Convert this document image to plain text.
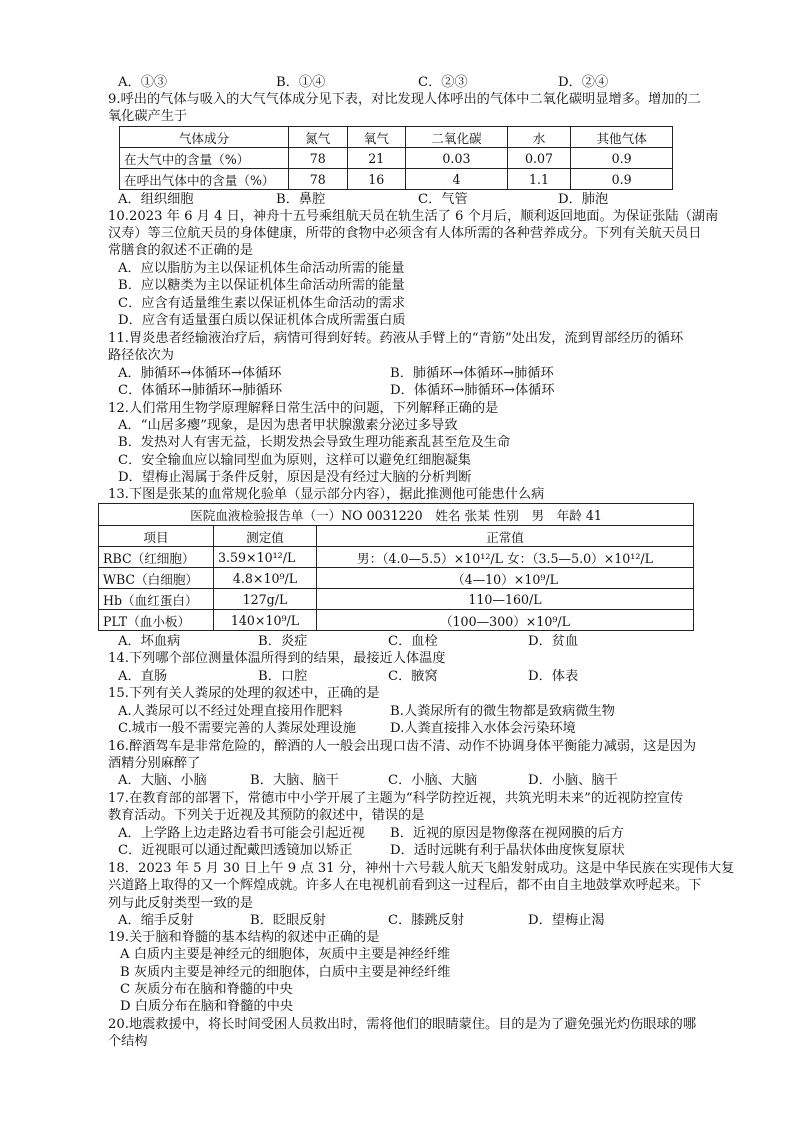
A．①③	B．①④	C．②③	D．②④
9.呼出的气体与吸入的大气气体成分见下表，对比发现人体呼出的气体中二氧化碳明显增多。增加的二
氧化碳产生于
气体成分	氮气	氧气	二氧化碳	水	其他气体
在大气中的含量（%）	78	21	0.03	0.07	0.9
在呼出气体中的含量（%）	78	16	4	1.1	0.9
A．组织细胞	B．鼻腔	C．气管	D．肺泡
10.2023 年 6 月 4 日，神舟十五号乘组航天员在轨生活了 6 个月后，顺利返回地面。为保证张陆（湖南
汉寿）等三位航天员的身体健康，所带的食物中必须含有人体所需的各种营养成分。下列有关航天员日
常膳食的叙述不正确的是
A．应以脂肪为主以保证机体生命活动所需的能量
B．应以糖类为主以保证机体生命活动所需的能量
C．应含有适量维生素以保证机体生命活动的需求
D．应含有适量蛋白质以保证机体合成所需蛋白质
11.胃炎患者经输液治疗后，病情可得到好转。药液从手臂上的“青筋”处出发，流到胃部经历的循环
路径依次为
A．肺循环→体循环→体循环	B．肺循环→体循环→肺循环
C．体循环→肺循环→肺循环	D．体循环→肺循环→体循环
12.人们常用生物学原理解释日常生活中的问题，下列解释正确的是
A．“山居多瘿”现象，是因为患者甲状腺激素分泌过多导致
B．发热对人有害无益，长期发热会导致生理功能紊乱甚至危及生命
C．安全输血应以输同型血为原则，这样可以避免红细胞凝集
D．望梅止渴属于条件反射，原因是没有经过大脑的分析判断
13.下图是张某的血常规化验单（显示部分内容），据此推测他可能患什么病
医院血液检验报告单（一）NO 0031220　姓名 张某 性别　男　年龄 41		
项目	测定值	正常值
RBC（红细胞）	3.59×10¹²/L	男：（4.0—5.5）×10¹²/L 女：（3.5—5.0）×10¹²/L
WBC（白细胞）	4.8×10⁹/L	（4—10）×10⁹/L
Hb（血红蛋白）	127g/L	110—160/L
PLT（血小板）	140×10⁹/L	（100—300）×10⁹/L
A．坏血病	B．炎症	C．血栓	D．贫血
14.下列哪个部位测量体温所得到的结果，最接近人体温度
A．直肠	B．口腔	C．腋窝	D．体表
15.下列有关人粪尿的处理的叙述中，正确的是
A.人粪尿可以不经过处理直接用作肥料	B.人粪尿所有的微生物都是致病微生物
C.城市一般不需要完善的人粪尿处理设施	D.人粪直接排入水体会污染环境
16.醉酒驾车是非常危险的，醉酒的人一般会出现口齿不清、动作不协调身体平衡能力减弱，这是因为
酒精分别麻醉了
A．大脑、小脑	B．大脑、脑干	C．小脑、大脑	D．小脑、脑干
17.在教育部的部署下，常德市中小学开展了主题为“科学防控近视，共筑光明未来”的近视防控宣传
教育活动。下列关于近视及其预防的叙述中，错误的是
A．上学路上边走路边看书可能会引起近视 B．近视的原因是物像落在视网膜的后方
C．近视眼可以通过配戴凹透镜加以矫正	D．适时远眺有利于晶状体曲度恢复原状
18．2023 年 5 月 30 日上午 9 点 31 分，神州十六号载人航天飞船发射成功。这是中华民族在实现伟大复
兴道路上取得的又一个辉煌成就。许多人在电视机前看到这一过程后，都不由自主地鼓掌欢呼起来。下
列与此反射类型一致的是
A．缩手反射	B．眨眼反射	C．膝跳反射	D．望梅止渴
19.关于脑和脊髓的基本结构的叙述中正确的是
A 白质内主要是神经元的细胞体，灰质中主要是神经纤维
B 灰质内主要是神经元的细胞体，白质中主要是神经纤维
C 灰质分布在脑和脊髓的中央
D 白质分布在脑和脊髓的中央
20.地震救援中，将长时间受困人员救出时，需将他们的眼睛蒙住。目的是为了避免强光灼伤眼球的哪
个结构
